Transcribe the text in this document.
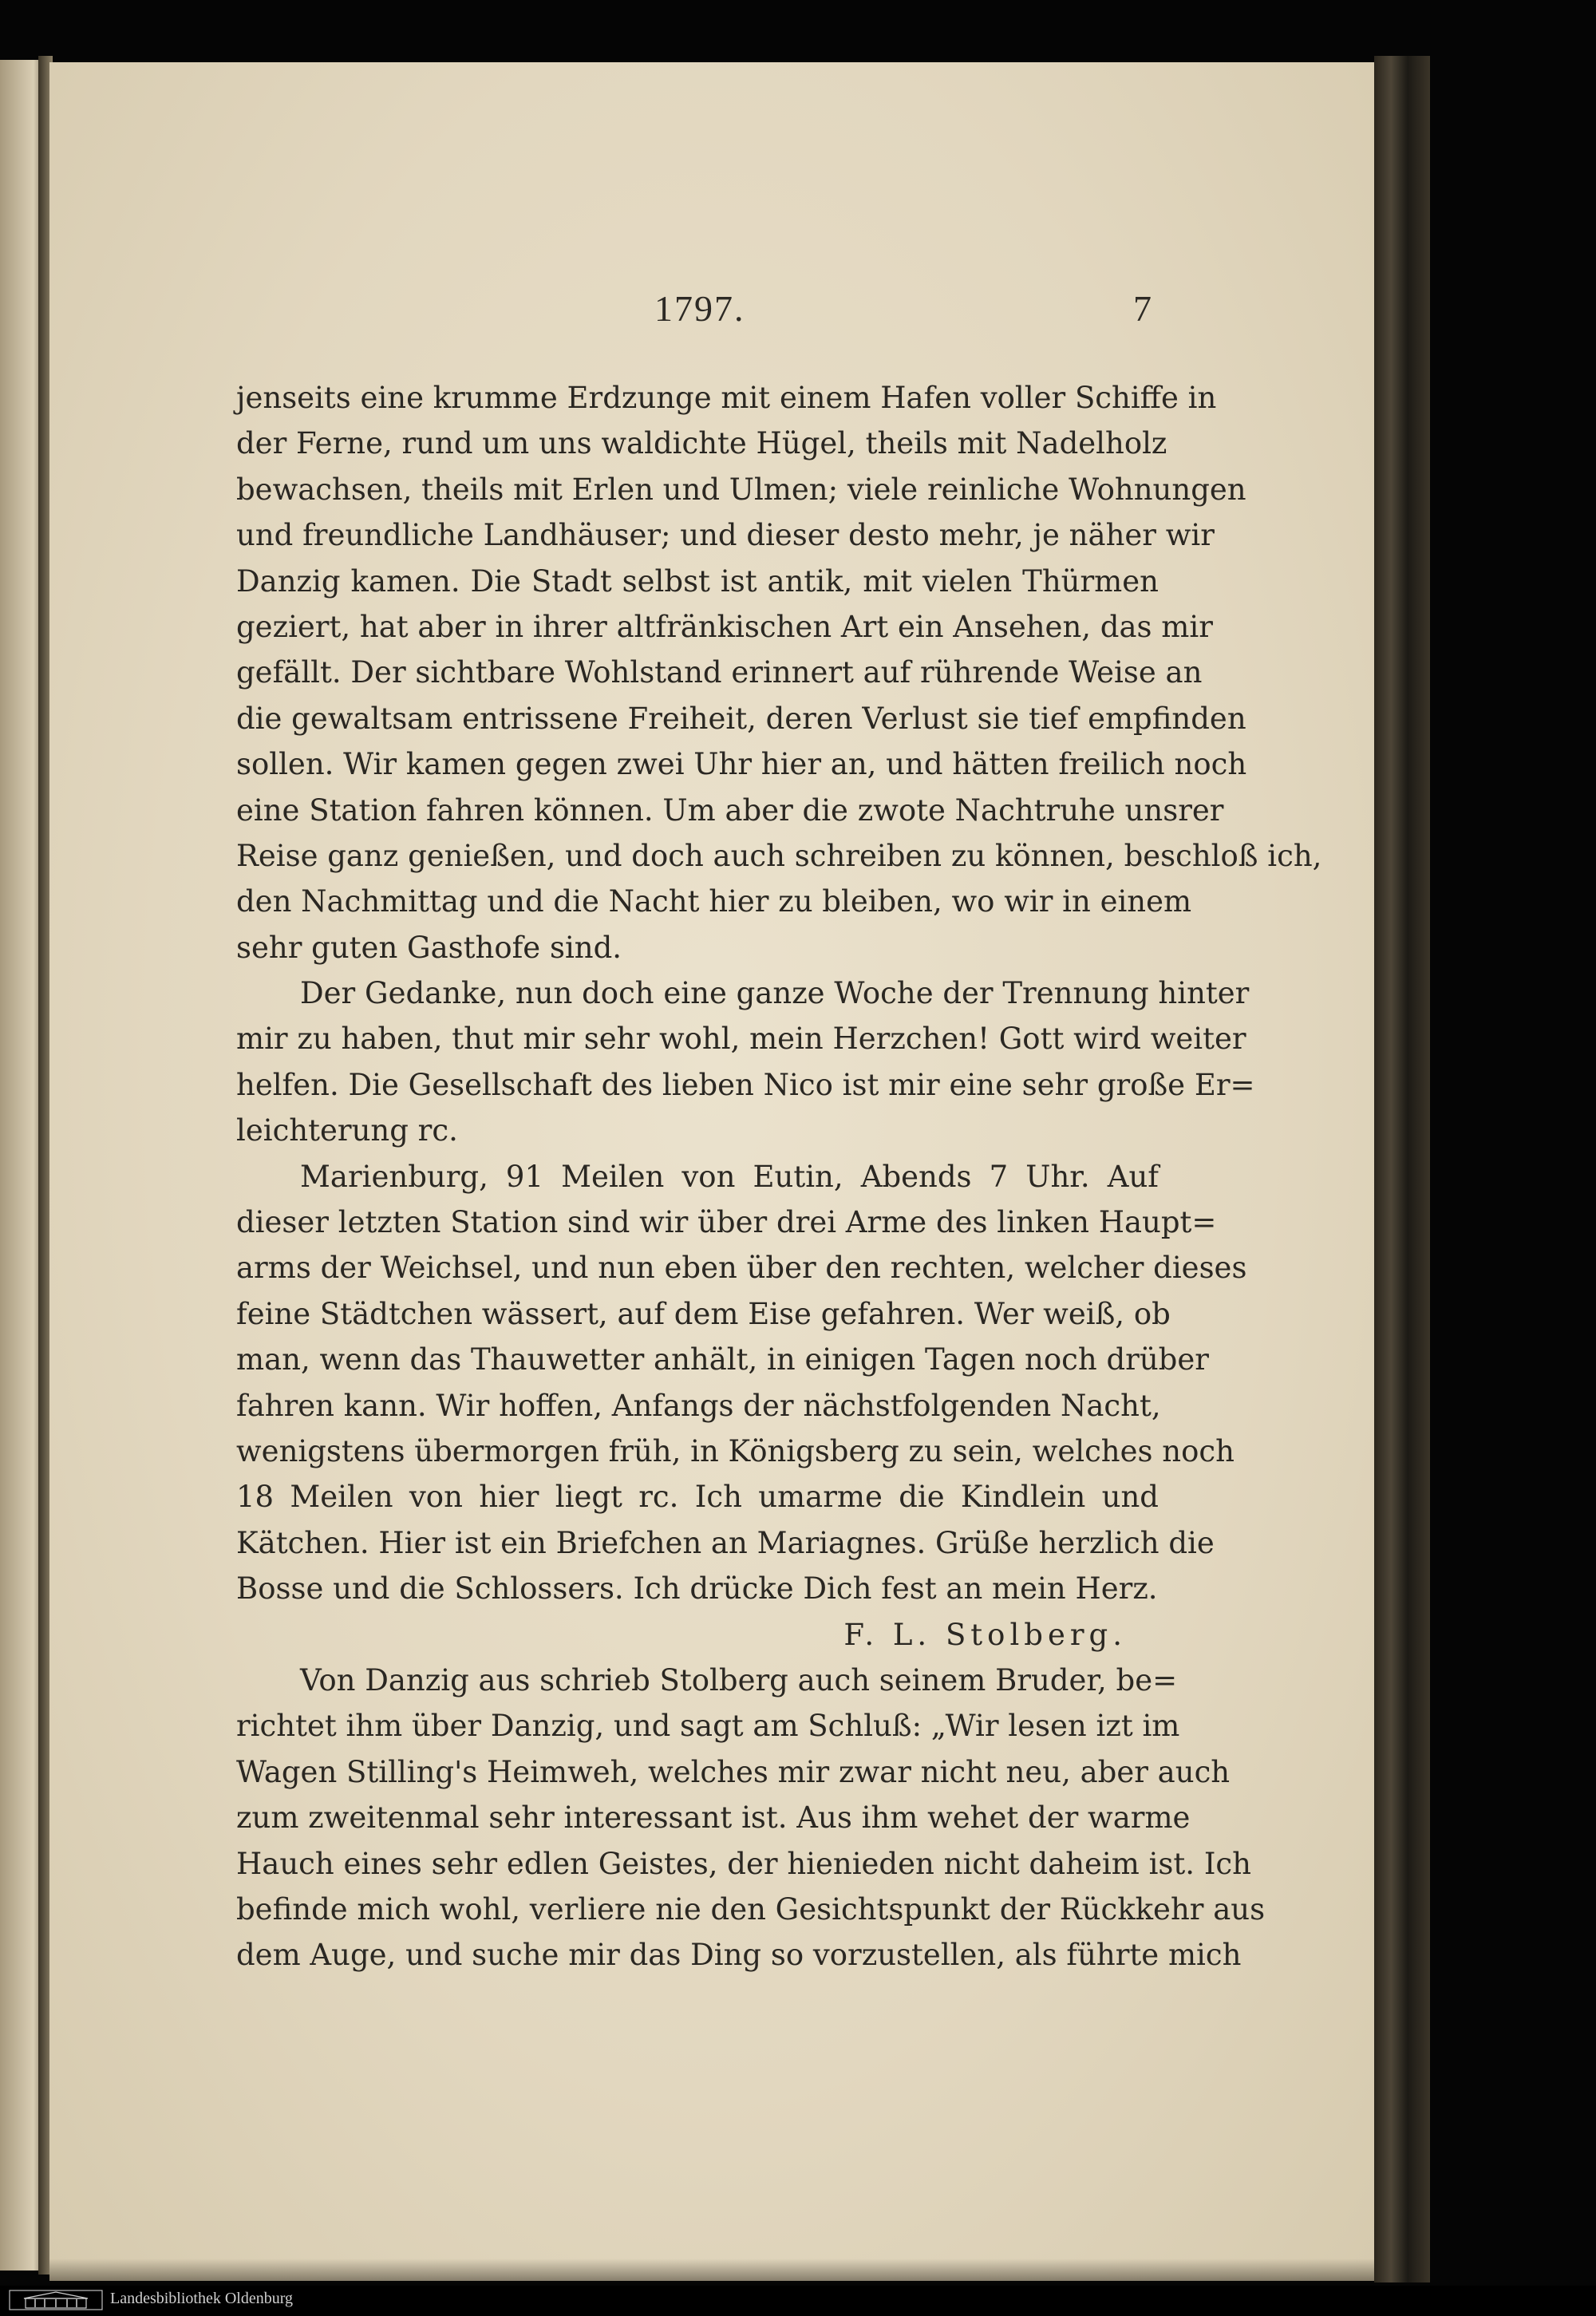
1797.	7
jenseits eine krumme Erdzunge mit einem Hafen voller Schiffe in
der Ferne, rund um uns waldichte Hügel, theils mit Nadelholz
bewachsen, theils mit Erlen und Ulmen; viele reinliche Wohnungen
und freundliche Landhäuser; und dieser desto mehr, je näher wir
Danzig kamen. Die Stadt selbst ist antik, mit vielen Thürmen
geziert, hat aber in ihrer altfränkischen Art ein Ansehen, das mir
gefällt. Der sichtbare Wohlstand erinnert auf rührende Weise an
die gewaltsam entrissene Freiheit, deren Verlust sie tief empfinden
sollen. Wir kamen gegen zwei Uhr hier an, und hätten freilich noch
eine Station fahren können. Um aber die zwote Nachtruhe unsrer
Reise ganz genießen, und doch auch schreiben zu können, beschloß ich,
den Nachmittag und die Nacht hier zu bleiben, wo wir in einem
sehr guten Gasthofe sind.
Der Gedanke, nun doch eine ganze Woche der Trennung hinter
mir zu haben, thut mir sehr wohl, mein Herzchen! Gott wird weiter
helfen. Die Gesellschaft des lieben Nico ist mir eine sehr große Er=
leichterung rc.
Marienburg, 91 Meilen von Eutin, Abends 7 Uhr. Auf
dieser letzten Station sind wir über drei Arme des linken Haupt=
arms der Weichsel, und nun eben über den rechten, welcher dieses
feine Städtchen wässert, auf dem Eise gefahren. Wer weiß, ob
man, wenn das Thauwetter anhält, in einigen Tagen noch drüber
fahren kann. Wir hoffen, Anfangs der nächstfolgenden Nacht,
wenigstens übermorgen früh, in Königsberg zu sein, welches noch
18 Meilen von hier liegt rc. Ich umarme die Kindlein und
Kätchen. Hier ist ein Briefchen an Mariagnes. Grüße herzlich die
Bosse und die Schlossers. Ich drücke Dich fest an mein Herz.
F. L. Stolberg.
Von Danzig aus schrieb Stolberg auch seinem Bruder, be=
richtet ihm über Danzig, und sagt am Schluß: „Wir lesen izt im
Wagen Stilling's Heimweh, welches mir zwar nicht neu, aber auch
zum zweitenmal sehr interessant ist. Aus ihm wehet der warme
Hauch eines sehr edlen Geistes, der hienieden nicht daheim ist. Ich
befinde mich wohl, verliere nie den Gesichtspunkt der Rückkehr aus
dem Auge, und suche mir das Ding so vorzustellen, als führte mich
Landesbibliothek Oldenburg
